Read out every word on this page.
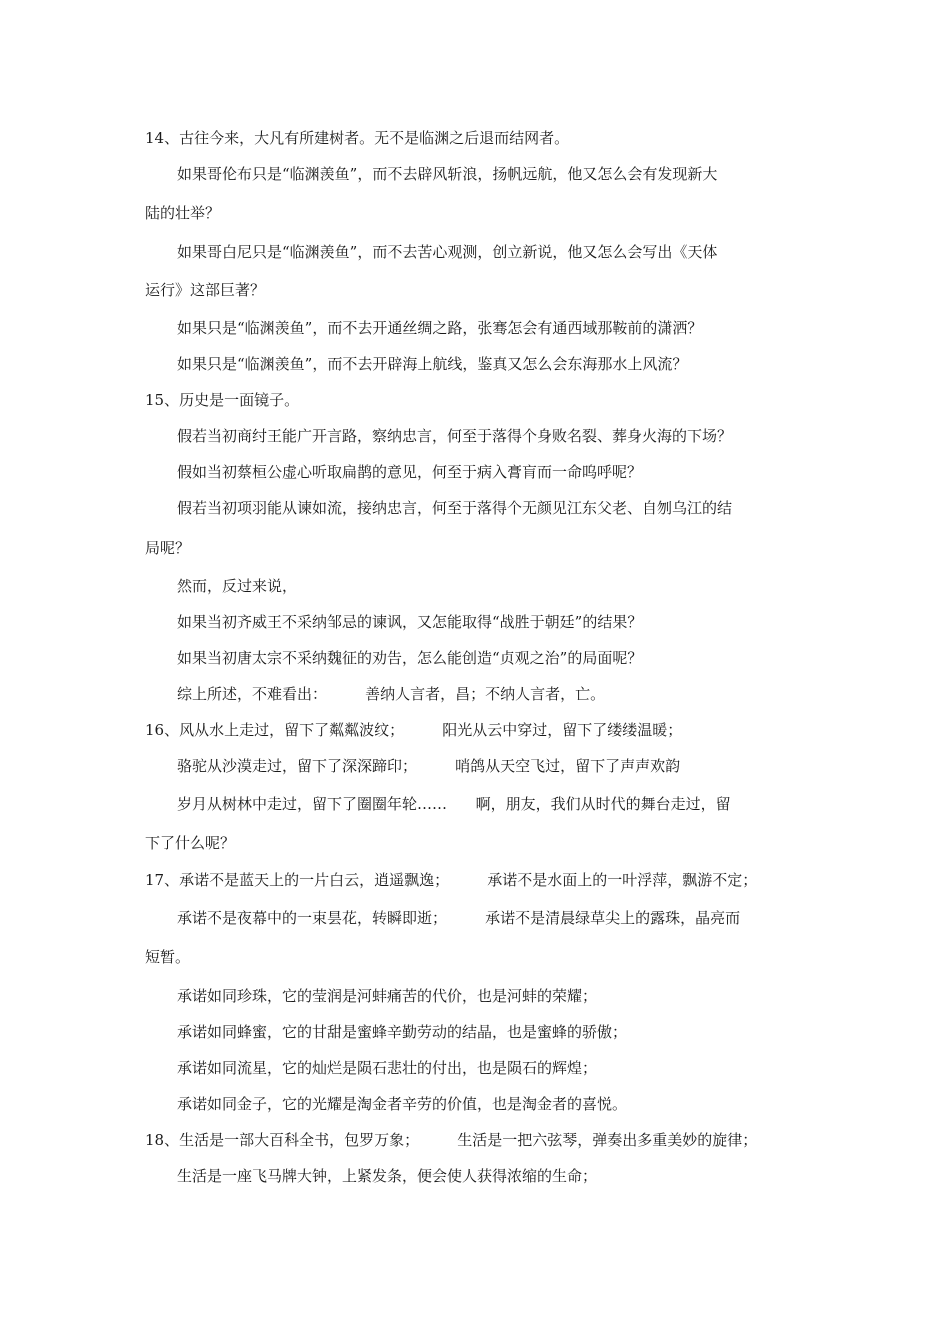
14、古往今来，大凡有所建树者。无不是临渊之后退而结网者。

如果哥伦布只是“临渊羡鱼”，而不去辟风斩浪，扬帆远航，他又怎么会有发现新大

陆的壮举？

如果哥白尼只是“临渊羡鱼”，而不去苦心观测，创立新说，他又怎么会写出《天体

运行》这部巨著？

如果只是“临渊羡鱼”，而不去开通丝绸之路，张骞怎会有通西域那鞍前的潇洒？

如果只是“临渊羡鱼”，而不去开辟海上航线，鉴真又怎么会东海那水上风流？

15、历史是一面镜子。

假若当初商纣王能广开言路，察纳忠言，何至于落得个身败名裂、葬身火海的下场？

假如当初蔡桓公虚心听取扁鹊的意见，何至于病入膏肓而一命呜呼呢？

假若当初项羽能从谏如流，接纳忠言，何至于落得个无颜见江东父老、自刎乌江的结

局呢？

然而，反过来说，

如果当初齐威王不采纳邹忌的谏讽，又怎能取得“战胜于朝廷”的结果？

如果当初唐太宗不采纳魏征的劝告，怎么能创造“贞观之治”的局面呢？

综上所述，不难看出：        善纳人言者，昌；不纳人言者，亡。

16、风从水上走过，留下了粼粼波纹；        阳光从云中穿过，留下了缕缕温暖；

骆驼从沙漠走过，留下了深深蹄印；        哨鸽从天空飞过，留下了声声欢韵

岁月从树林中走过，留下了圈圈年轮……      啊，朋友，我们从时代的舞台走过，留

下了什么呢？

17、承诺不是蓝天上的一片白云，逍遥飘逸；        承诺不是水面上的一叶浮萍，飘游不定；

承诺不是夜幕中的一束昙花，转瞬即逝；        承诺不是清晨绿草尖上的露珠，晶亮而

短暂。

承诺如同珍珠，它的莹润是河蚌痛苦的代价，也是河蚌的荣耀；

承诺如同蜂蜜，它的甘甜是蜜蜂辛勤劳动的结晶，也是蜜蜂的骄傲；

承诺如同流星，它的灿烂是陨石悲壮的付出，也是陨石的辉煌；

承诺如同金子，它的光耀是淘金者辛劳的价值，也是淘金者的喜悦。

18、生活是一部大百科全书，包罗万象；        生活是一把六弦琴，弹奏出多重美妙的旋律；

生活是一座飞马牌大钟，上紧发条，便会使人获得浓缩的生命；
